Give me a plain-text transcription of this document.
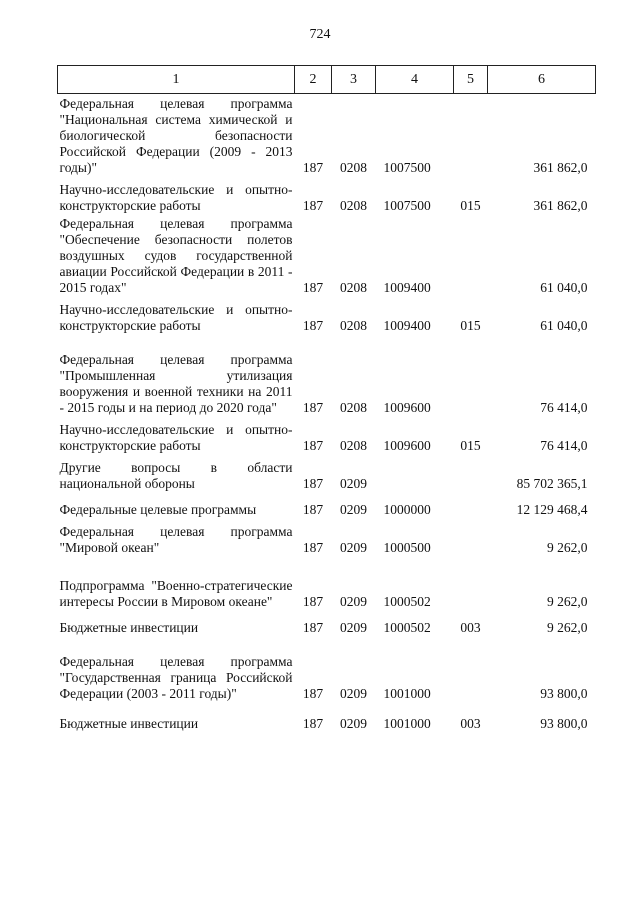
724
1	2	3	4	5	6
Федеральная целевая программа "Национальная система химической и биологической безопасности Российской Федерации (2009 - 2013 годы)"	187	0208	1007500		361 862,0
Научно-исследовательские и опытно-конструкторские работы	187	0208	1007500	015	361 862,0
Федеральная целевая программа "Обеспечение безопасности полетов воздушных судов государственной авиации Российской Федерации в 2011 - 2015 годах"	187	0208	1009400		61 040,0
Научно-исследовательские и опытно-конструкторские работы	187	0208	1009400	015	61 040,0
Федеральная целевая программа "Промышленная утилизация вооружения и военной техники на 2011 - 2015 годы и на период до 2020 года"	187	0208	1009600		76 414,0
Научно-исследовательские и опытно-конструкторские работы	187	0208	1009600	015	76 414,0
Другие вопросы в области национальной обороны	187	0209			85 702 365,1
Федеральные целевые программы	187	0209	1000000		12 129 468,4
Федеральная целевая программа "Мировой океан"	187	0209	1000500		9 262,0
Подпрограмма "Военно-стратегические интересы России в Мировом океане"	187	0209	1000502		9 262,0
Бюджетные инвестиции	187	0209	1000502	003	9 262,0
Федеральная целевая программа "Государственная граница Российской Федерации (2003 - 2011 годы)"	187	0209	1001000		93 800,0
Бюджетные инвестиции	187	0209	1001000	003	93 800,0
